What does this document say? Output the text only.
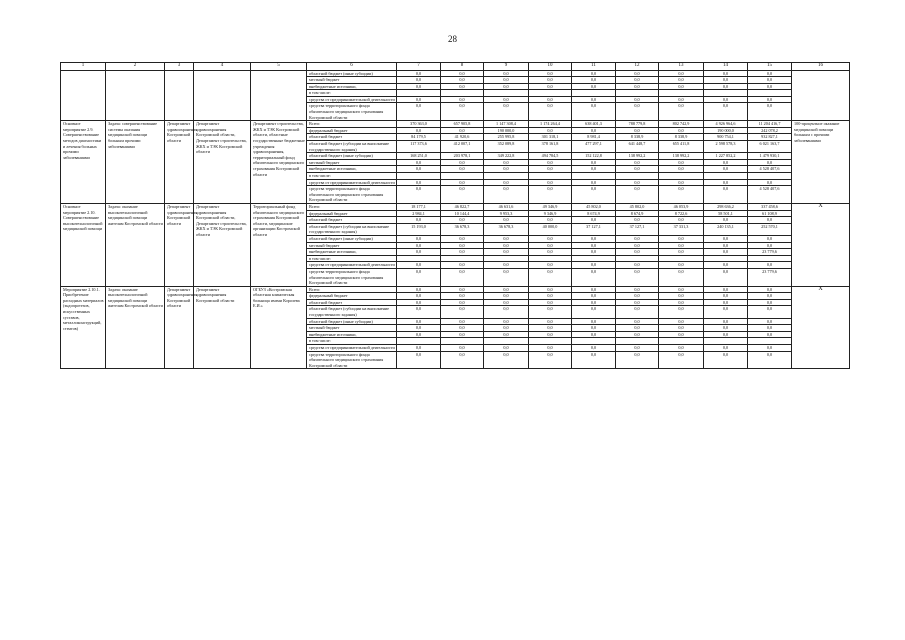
28
1	2	3	4	5	6	7	8	9	10	11	12	13	14	15	16
					областной бюджет (иные субсидии)	0,0	0,0	0,0	0,0	0,0	0,0	0,0	0,0	0,0	
					местный бюджет	0,0	0,0	0,0	0,0	0,0	0,0	0,0	0,0	0,0	
					внебюджетные источники,	0,0	0,0	0,0	0,0	0,0	0,0	0,0	0,0	0,0	
					в том числе:										
					средства от предпринимательской деятельности	0,0	0,0	0,0	0,0	0,0	0,0	0,0	0,0	0,0	
					средства территориального фонда обязательного медицинского страхования Костромской области	0,0	0,0	0,0	0,0	0,0	0,0	0,0	0,0	0,0	
Основное мероприятие 2.9. Совершенствование методов диагностики и лечения больных прочими заболеваниями	Задача: совершенствование системы оказания медицинской помощи больным прочими заболеваниями	Департамент здравоохранения Костромской области	Департамент здравоохранения Костромской области, Департамент строительства, ЖКХ и ТЭК Костромской области	Департамент строительства, ЖКХ и ТЭК Костромской области, областные государственные бюджетные учреждения здравоохранения, территориальный фонд обязательного медицинского страхования Костромской области	Всего:	370 363,0	657 905,8	1 147 308,4	1 174 264,4	638 401,3	788 779,8	802 742,9	4 926 964,6	11 204 416,7	100-процентное оказание медицинской помощи больным с прочими заболеваниями
					федеральный бюджет	0,0	0,0	190 000,0	0,0	0,0	0,0	0,0	190 000,0	242 078,2	
					областной бюджет	84 179,5	41 920,6	255 995,8	301 318,1	8 981,4	8 338,9	8 338,9	900 754,1	932 827,1	
					областной бюджет (субсидии на выполнение государственного задания)	117 373,6	412 007,1	352 089,8	378 161,8	477 297,1	641 448,7	655 411,8	2 598 578,3	6 021 163,7	
					областной бюджет (иные субсидии)	168 251,0	203 978,1	349 222,8	494 784,5	152 122,8	138 992,2	138 992,2	1 227 852,2	1 479 930,1	
					местный бюджет	0,0	0,0	0,0	0,0	0,0	0,0	0,0	0,0	0,0	
					внебюджетные источники,	0,0	0,0	0,0	0,0	0,0	0,0	0,0	0,0	4 528 407,6	
					в том числе:										
					средства от предпринимательской деятельности	0,0	0,0	0,0	0,0	0,0	0,0	0,0	0,0	0,0	
					средства территориального фонда обязательного медицинского страхования Костромской области	0,0	0,0	0,0	0,0	0,0	0,0	0,0	0,0	4 528 407,6	
Основное мероприятие 2.10. Совершенствование высокотехнологичной медицинской помощи	Задача: оказание высокотехнологичной медицинской помощи жителям Костромской области	Департамент здравоохранения Костромской области	Департамент здравоохранения Костромской области, Департамент строительства, ЖКХ и ТЭК Костромской области	Территориальный фонд обязательного медицинского страхования Костромской области, медицинские организации Костромской области	Всего:	18 177,1	46 822,7	46 631,6	49 346,9	45 802,0	45 802,0	46 053,9	298 636,2	337 458,6	X
					федеральный бюджет	2 984,1	10 144,4	9 953,3	9 346,9	8 674,9	8 674,9	8 722,6	58 501,1	61 108,9	
					областной бюджет	0,0	0,0	0,0	0,0	0,0	0,0	0,0	0,0	0,0	
					областной бюджет (субсидии на выполнение государственного задания)	15 193,0	36 678,3	36 678,3	40 000,0	37 127,1	37 127,1	37 331,3	240 135,1	252 570,1	
					областной бюджет (иные субсидии)	0,0	0,0	0,0	0,0	0,0	0,0	0,0	0,0	0,0	
					местный бюджет	0,0	0,0	0,0	0,0	0,0	0,0	0,0	0,0	0,0	
					внебюджетные источники,	0,0	0,0	0,0	0,0	0,0	0,0	0,0	0,0	23 779,6	
					в том числе:										
					средства от предпринимательской деятельности	0,0	0,0	0,0	0,0	0,0	0,0	0,0	0,0	0,0	
					средства территориального фонда обязательного медицинского страхования Костромской области	0,0	0,0	0,0	0,0	0,0	0,0	0,0	0,0	23 779,6	
Мероприятие 2.10.1. Приобретение расходных материалов (эндопротезов, искусственных суставов, металлоконструкций, стентов)	Задача: оказание высокотехнологичной медицинской помощи жителям Костромской области	Департамент здравоохранения Костромской области	Департамент здравоохранения Костромской области	ОГБУЗ «Костромская областная клиническая больница имени Королева Е.И.»	Всего:	0,0	0,0	0,0	0,0	0,0	0,0	0,0	0,0	0,0	X
					федеральный бюджет	0,0	0,0	0,0	0,0	0,0	0,0	0,0	0,0	0,0	
					областной бюджет	0,0	0,0	0,0	0,0	0,0	0,0	0,0	0,0	0,0	
					областной бюджет (субсидии на выполнение государственного задания)	0,0	0,0	0,0	0,0	0,0	0,0	0,0	0,0	0,0	
					областной бюджет (иные субсидии)	0,0	0,0	0,0	0,0	0,0	0,0	0,0	0,0	0,0	
					местный бюджет	0,0	0,0	0,0	0,0	0,0	0,0	0,0	0,0	0,0	
					внебюджетные источники,	0,0	0,0	0,0	0,0	0,0	0,0	0,0	0,0	0,0	
					в том числе:										
					средства от предпринимательской деятельности	0,0	0,0	0,0	0,0	0,0	0,0	0,0	0,0	0,0	
					средства территориального фонда обязательного медицинского страхования Костромской области	0,0	0,0	0,0	0,0	0,0	0,0	0,0	0,0	0,0	
